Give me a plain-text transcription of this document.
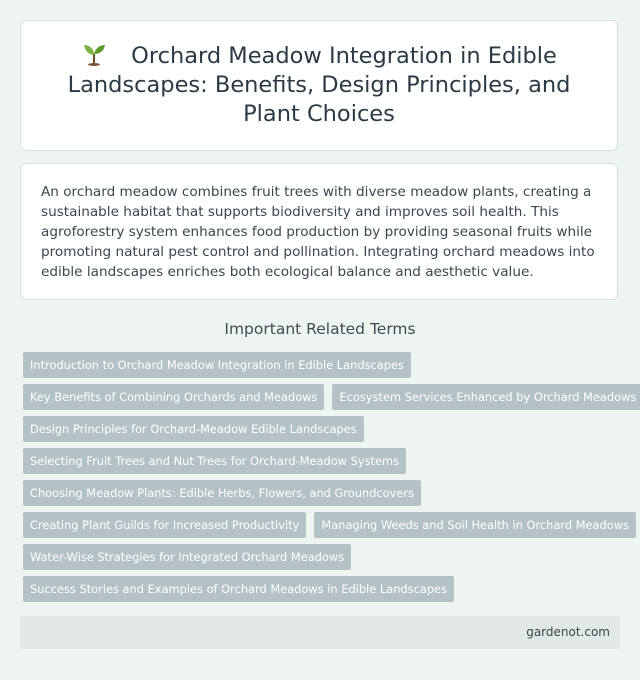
Orchard Meadow Integration in Edible Landscapes: Benefits, Design Principles, and Plant Choices

An orchard meadow combines fruit trees with diverse meadow plants, creating a sustainable habitat that supports biodiversity and improves soil health. This agroforestry system enhances food production by providing seasonal fruits while promoting natural pest control and pollination. Integrating orchard meadows into edible landscapes enriches both ecological balance and aesthetic value.

Important Related Terms
Introduction to Orchard Meadow Integration in Edible Landscapes
Key Benefits of Combining Orchards and Meadows	Ecosystem Services Enhanced by Orchard Meadows
Design Principles for Orchard-Meadow Edible Landscapes
Selecting Fruit Trees and Nut Trees for Orchard-Meadow Systems
Choosing Meadow Plants: Edible Herbs, Flowers, and Groundcovers
Creating Plant Guilds for Increased Productivity	Managing Weeds and Soil Health in Orchard Meadows
Water-Wise Strategies for Integrated Orchard Meadows
Success Stories and Examples of Orchard Meadows in Edible Landscapes
gardenot.com
